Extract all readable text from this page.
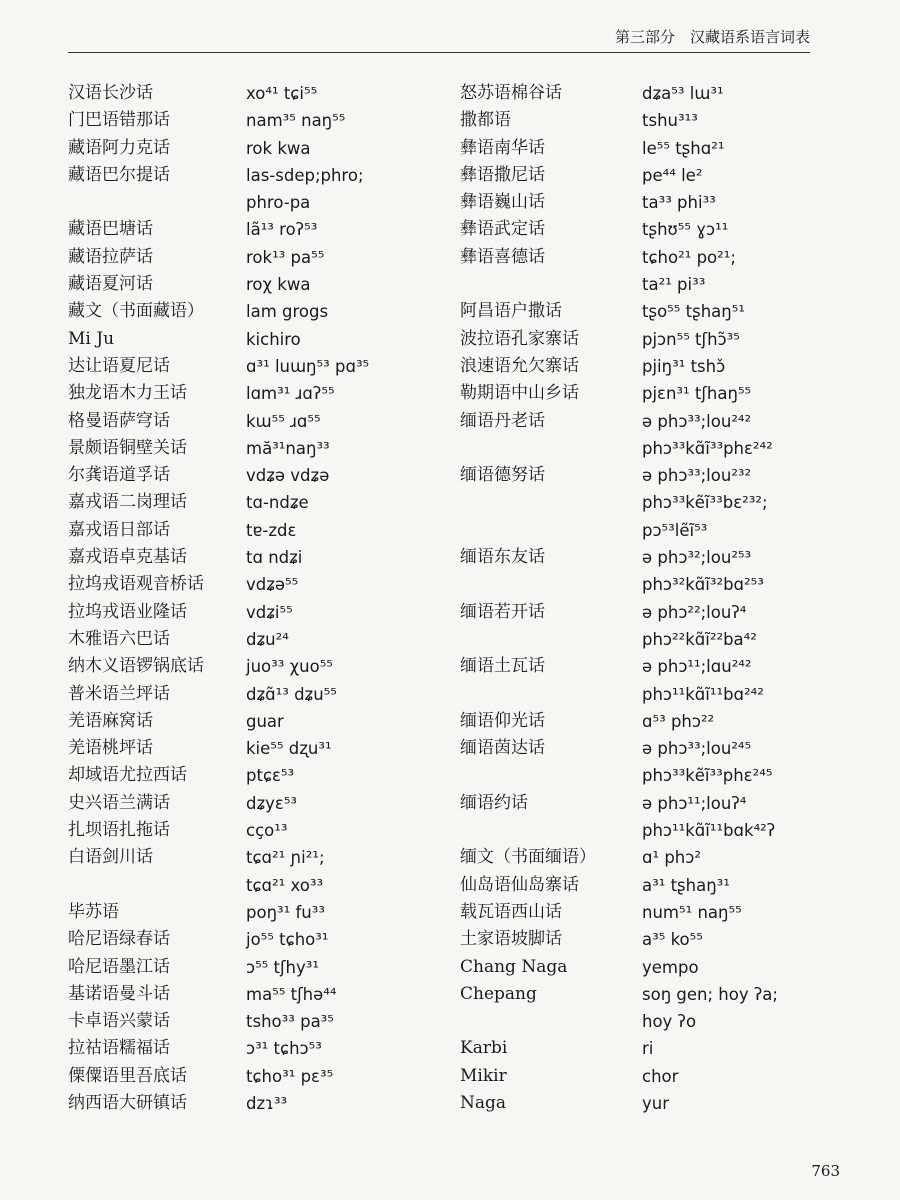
第三部分　汉藏语系语言词表
汉语长沙话	xo⁴¹ tɕi⁵⁵
门巴语错那话	nam³⁵ naŋ⁵⁵
藏语阿力克话	rok kwa
藏语巴尔提话	las-sdep;phro;
phro-pa
藏语巴塘话	lã¹³ roʔ⁵³
藏语拉萨话	rok¹³ pa⁵⁵
藏语夏河话	roχ kwa
藏文（书面藏语）	lam grogs
Mi Ju	kichiro
达让语夏尼话	ɑ³¹ luɯŋ⁵³ pɑ³⁵
独龙语木力王话	lɑm³¹ ɹɑʔ⁵⁵
格曼语萨穹话	kɯ⁵⁵ ɹɑ⁵⁵
景颇语铜壁关话	mă³¹naŋ³³
尔龚语道孚话	vdʑə vdʑə
嘉戎语二岗理话	tɑ-ndʑe
嘉戎语日部话	tɐ-zdɛ
嘉戎语卓克基话	tɑ ndʑi
拉坞戎语观音桥话	vdʑə⁵⁵
拉坞戎语业隆话	vdʑi⁵⁵
木雅语六巴话	dʑu²⁴
纳木义语锣锅底话	juo³³ χuo⁵⁵
普米语兰坪话	dʑɑ̃¹³ dʑu⁵⁵
羌语麻窝话	guar
羌语桃坪话	kie⁵⁵ dʐu³¹
却域语尤拉西话	ptɕɛ⁵³
史兴语兰满话	dʑyɛ⁵³
扎坝语扎拖话	cço¹³
白语剑川话	tɕɑ²¹ ɲi²¹;
tɕɑ²¹ xo³³
毕苏语	poŋ³¹ fu³³
哈尼语绿春话	jo⁵⁵ tɕho³¹
哈尼语墨江话	ɔ⁵⁵ tʃhy³¹
基诺语曼斗话	ma⁵⁵ tʃhə⁴⁴
卡卓语兴蒙话	tsho³³ pa³⁵
拉祜语糯福话	ɔ³¹ tɕhɔ⁵³
傈僳语里吾底话	tɕho³¹ pɛ³⁵
纳西语大研镇话	dzɿ³³
怒苏语棉谷话	dʑa⁵³ lɯ³¹
撒都语	tshu³¹³
彝语南华话	le⁵⁵ tʂhɑ²¹
彝语撒尼话	pe⁴⁴ le²
彝语巍山话	ta³³ phi³³
彝语武定话	tʂhʊ⁵⁵ ɣɔ¹¹
彝语喜德话	tɕho²¹ po²¹;
ta²¹ pi³³
阿昌语户撒话	tʂo⁵⁵ tʂhaŋ⁵¹
波拉语孔家寨话	pjɔn⁵⁵ tʃhɔ̃³⁵
浪速语允欠寨话	pjiŋ³¹ tshɔ̌
勒期语中山乡话	pjɛn³¹ tʃhaŋ⁵⁵
缅语丹老话	ə phɔ³³;lou²⁴²
phɔ³³kɑ̃ĩ³³phɛ²⁴²
缅语德努话	ə phɔ³³;lou²³²
phɔ³³kẽĩ³³bɛ²³²;
pɔ⁵³lẽĩ⁵³
缅语东友话	ə phɔ³²;lou²⁵³
phɔ³²kɑ̃ĩ³²bɑ²⁵³
缅语若开话	ə phɔ²²;louʔ⁴
phɔ²²kɑ̃ĩ²²ba⁴²
缅语土瓦话	ə phɔ¹¹;lɑu²⁴²
phɔ¹¹kɑ̃ĩ¹¹bɑ²⁴²
缅语仰光话	ɑ⁵³ phɔ²²
缅语茵达话	ə phɔ³³;lou²⁴⁵
phɔ³³kẽĩ³³phɛ²⁴⁵
缅语约话	ə phɔ¹¹;louʔ⁴
phɔ¹¹kɑ̃ĩ¹¹bɑk⁴²ʔ
缅文（书面缅语）	ɑ¹ phɔ²
仙岛语仙岛寨话	a³¹ tʂhaŋ³¹
载瓦语西山话	num⁵¹ naŋ⁵⁵
土家语坡脚话	a³⁵ ko⁵⁵
Chang Naga	yempo
Chepang	soŋ gen; hoy ʔa;
hoy ʔo
Karbi	ri
Mikir	chor
Naga	yur
763
